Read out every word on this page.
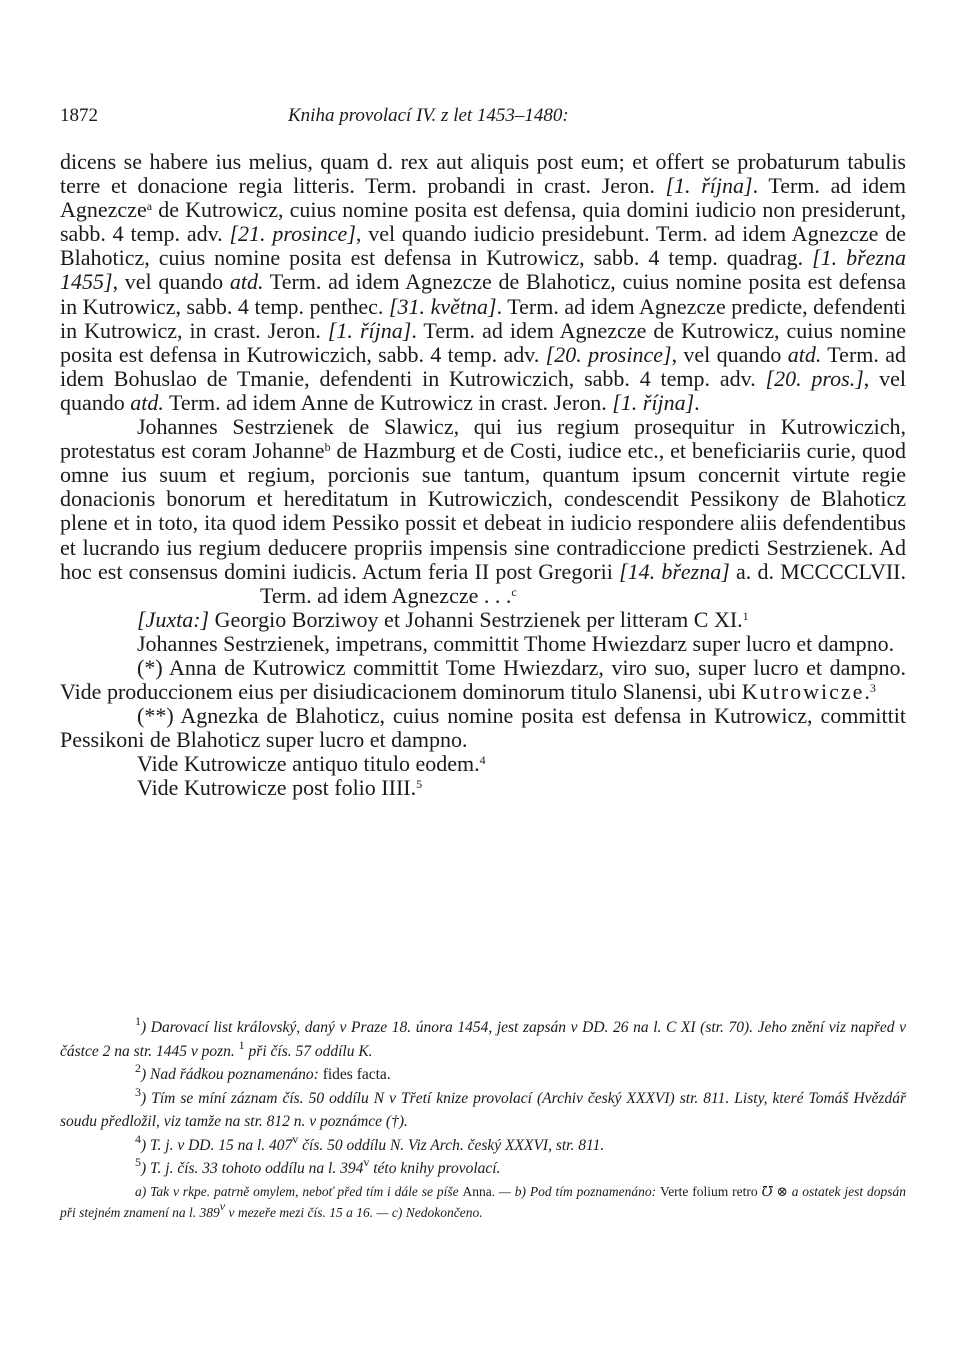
1872	Kniha provolací IV. z let 1453–1480:

dicens se habere ius melius, quam d. rex aut aliquis post eum; et offert se probaturum tabulis terre et donacione regia litteris. Term. probandi in crast. Jeron. [1. října]. Term. ad idem Agnezcze$^a$ de Kutrowicz, cuius nomine posita est defensa, quia domini iudicio non presiderunt, sabb. 4 temp. adv. [21. prosince], vel quando iudicio presidebunt. Term. ad idem Agnezcze de Blahoticz, cuius nomine posita est defensa in Kutrowicz, sabb. 4 temp. quadrag. [1. března 1455], vel quando atd. Term. ad idem Agnezcze de Blahoticz, cuius nomine posita est defensa in Kutrowicz, sabb. 4 temp. penthec. [31. května]. Term. ad idem Agnezcze predicte, defendenti in Kutrowicz, in crast. Jeron. [1. října]. Term. ad idem Agnezcze de Kutrowicz, cuius nomine posita est defensa in Kutrowiczich, sabb. 4 temp. adv. [20. prosince], vel quando atd. Term. ad idem Bohuslao de Tmanie, defendenti in Kutrowiczich, sabb. 4 temp. adv. [20. pros.], vel quando atd. Term. ad idem Anne de Kutrowicz in crast. Jeron. [1. října].

Johannes Sestrzienek de Slawicz, qui ius regium prosequitur in Kutrowiczich, protestatus est coram Johanne$^b$ de Hazmburg et de Costi, iudice etc., et beneficiariis curie, quod omne ius suum et regium, porcionis sue tantum, quantum ipsum concernit virtute regie donacionis bonorum et hereditatum in Kutrowiczich, condescendit Pessikony de Blahoticz plene et in toto, ita quod idem Pessiko possit et debeat in iudicio respondere aliis defendentibus et lucrando ius regium deducere propriis impensis sine contradiccione predicti Sestrzienek. Ad hoc est consensus domini iudicis. Actum feria II post Gregorii [14. března] a. d. MCCCCLVII.Term. ad idem Agnezcze . . .$^c$

[Juxta:] Georgio Borziwoy et Johanni Sestrzienek per litteram C XI.$^1$

Johannes Sestrzienek, impetrans, committit Thome Hwiezdarz super lucro et dampno.

(*) Anna de Kutrowicz committit Tome Hwiezdarz, viro suo, super lucro et dampno. Vide produccionem eius per disiudicacionem dominorum titulo Slanensi, ubi Kutrowicze.$^3$

(**) Agnezka de Blahoticz, cuius nomine posita est defensa in Kutrowicz, committit Pessikoni de Blahoticz super lucro et dampno.

Vide Kutrowicze antiquo titulo eodem.$^4$

Vide Kutrowicze post folio IIII.$^5$

$^1$) Darovací list královský, daný v Praze 18. února 1454, jest zapsán v DD. 26 na l. C XI (str. 70). Jeho znění viz napřed v částce 2 na str. 1445 v pozn. $^1$ při čís. 57 oddílu K.

$^2$) Nad řádkou poznamenáno: fides facta.

$^3$) Tím se míní záznam čís. 50 oddílu N v Třetí knize provolací (Archiv český XXXVI) str. 811. Listy, které Tomáš Hvězdář soudu předložil, viz tamže na str. 812 n. v poznámce (†).

$^4$) T. j. v DD. 15 na l. 407$^v$ čís. 50 oddílu N. Viz Arch. český XXXVI, str. 811.

$^5$) T. j. čís. 33 tohoto oddílu na l. 394$^v$ této knihy provolací.

a) Tak v rkpe. patrně omylem, neboť před tím i dále se píše Anna. — b) Pod tím poznamenáno: Verte folium retro ℧ ⊗ a ostatek jest dopsán při stejném znamení na l. 389$^v$ v mezeře mezi čís. 15 a 16. — c) Nedokončeno.
